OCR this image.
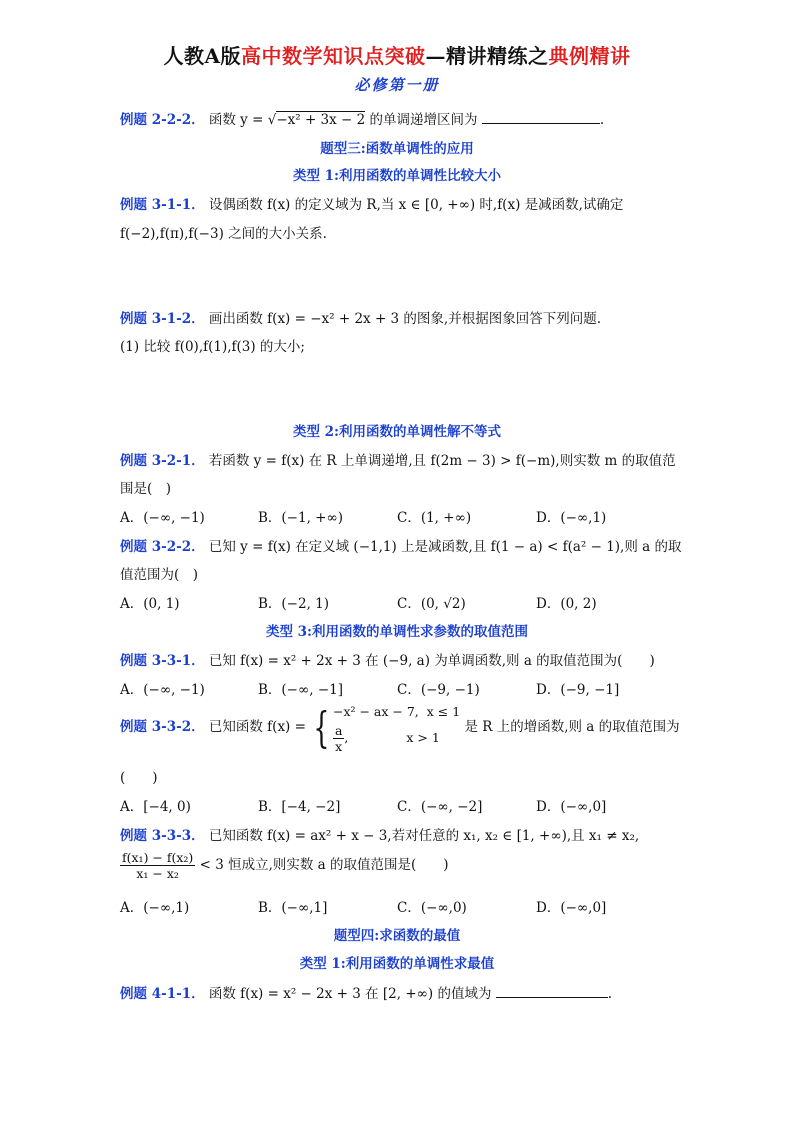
人教A版高中数学知识点突破—精讲精练之典例精讲
必修第一册
例题 2-2-2． 函数 y = √−x² + 3x − 2 的单调递增区间为	.
题型三:函数单调性的应用
类型 1:利用函数的单调性比较大小
例题 3-1-1． 设偶函数 f(x) 的定义域为 R,当 x ∈ [0, +∞) 时,f(x) 是减函数,试确定
f(−2),f(π),f(−3) 之间的大小关系.
例题 3-1-2． 画出函数 f(x) = −x² + 2x + 3 的图象,并根据图象回答下列问题.
(1) 比较 f(0),f(1),f(3) 的大小;
类型 2:利用函数的单调性解不等式
例题 3-2-1． 若函数 y = f(x) 在 R 上单调递增,且 f(2m − 3) > f(−m),则实数 m 的取值范
围是(　)
A．(−∞, −1)	B．(−1, +∞)	C．(1, +∞)	D．(−∞,1)
例题 3-2-2． 已知 y = f(x) 在定义域 (−1,1) 上是减函数,且 f(1 − a) < f(a² − 1),则 a 的取
值范围为(　)
A．(0, 1)	B．(−2, 1)	C．(0, √2)	D．(0, 2)
类型 3:利用函数的单调性求参数的取值范围
例题 3-3-1． 已知 f(x) = x² + 2x + 3 在 (−9, a) 为单调函数,则 a 的取值范围为(　　)
A．(−∞, −1)	B．(−∞, −1]	C．(−9, −1)	D．(−9, −1]
例题 3-3-2． 已知函数 f(x) = { −x² − ax − 7, x ≤ 1
$\frac{a}{x}$ ,	x > 1
是 R 上的增函数,则 a 的取值范围为
(　　)
A．[−4, 0)	B．[−4, −2]	C．(−∞, −2]	D．(−∞,0]
例题 3-3-3． 已知函数 f(x) = ax² + x − 3,若对任意的 x₁, x₂ ∈ [1, +∞),且 x₁ ≠ x₂,
$\frac{\text{f(x₁) − f(x₂)}}{\text{x₁ − x₂}} < 3$ 恒成立,则实数 a 的取值范围是(　　)
A．(−∞,1)	B．(−∞,1]	C．(−∞,0)	D．(−∞,0]
题型四:求函数的最值
类型 1:利用函数的单调性求最值
例题 4-1-1． 函数 f(x) = x² − 2x + 3 在 [2, +∞) 的值域为	.
